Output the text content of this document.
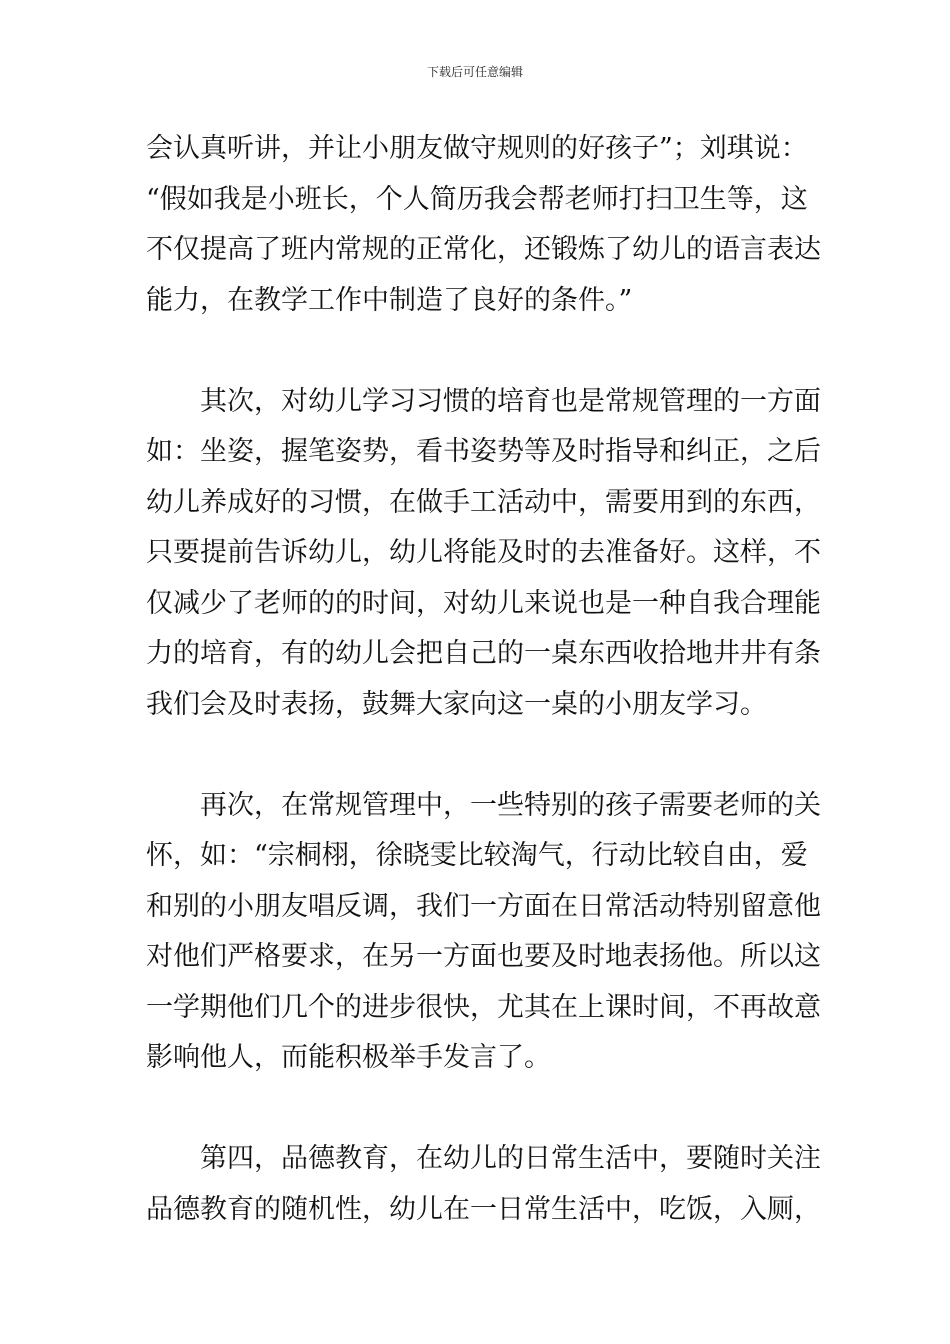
下载后可任意编辑
会认真听讲，并让小朋友做守规则的好孩子”；刘琪说：
“假如我是小班长，个人简历我会帮老师打扫卫生等，这
不仅提高了班内常规的正常化，还锻炼了幼儿的语言表达
能力，在教学工作中制造了良好的条件。”
其次，对幼儿学习习惯的培育也是常规管理的一方面
如：坐姿，握笔姿势，看书姿势等及时指导和纠正，之后
幼儿养成好的习惯，在做手工活动中，需要用到的东西，
只要提前告诉幼儿，幼儿将能及时的去准备好。这样，不
仅减少了老师的的时间，对幼儿来说也是一种自我合理能
力的培育，有的幼儿会把自己的一桌东西收拾地井井有条
我们会及时表扬，鼓舞大家向这一桌的小朋友学习。
再次，在常规管理中，一些特别的孩子需要老师的关
怀，如：“宗桐栩，徐晓雯比较淘气，行动比较自由，爱
和别的小朋友唱反调，我们一方面在日常活动特别留意他
对他们严格要求，在另一方面也要及时地表扬他。所以这
一学期他们几个的进步很快，尤其在上课时间，不再故意
影响他人，而能积极举手发言了。
第四，品德教育，在幼儿的日常生活中，要随时关注
品德教育的随机性，幼儿在一日常生活中，吃饭，入厕，
